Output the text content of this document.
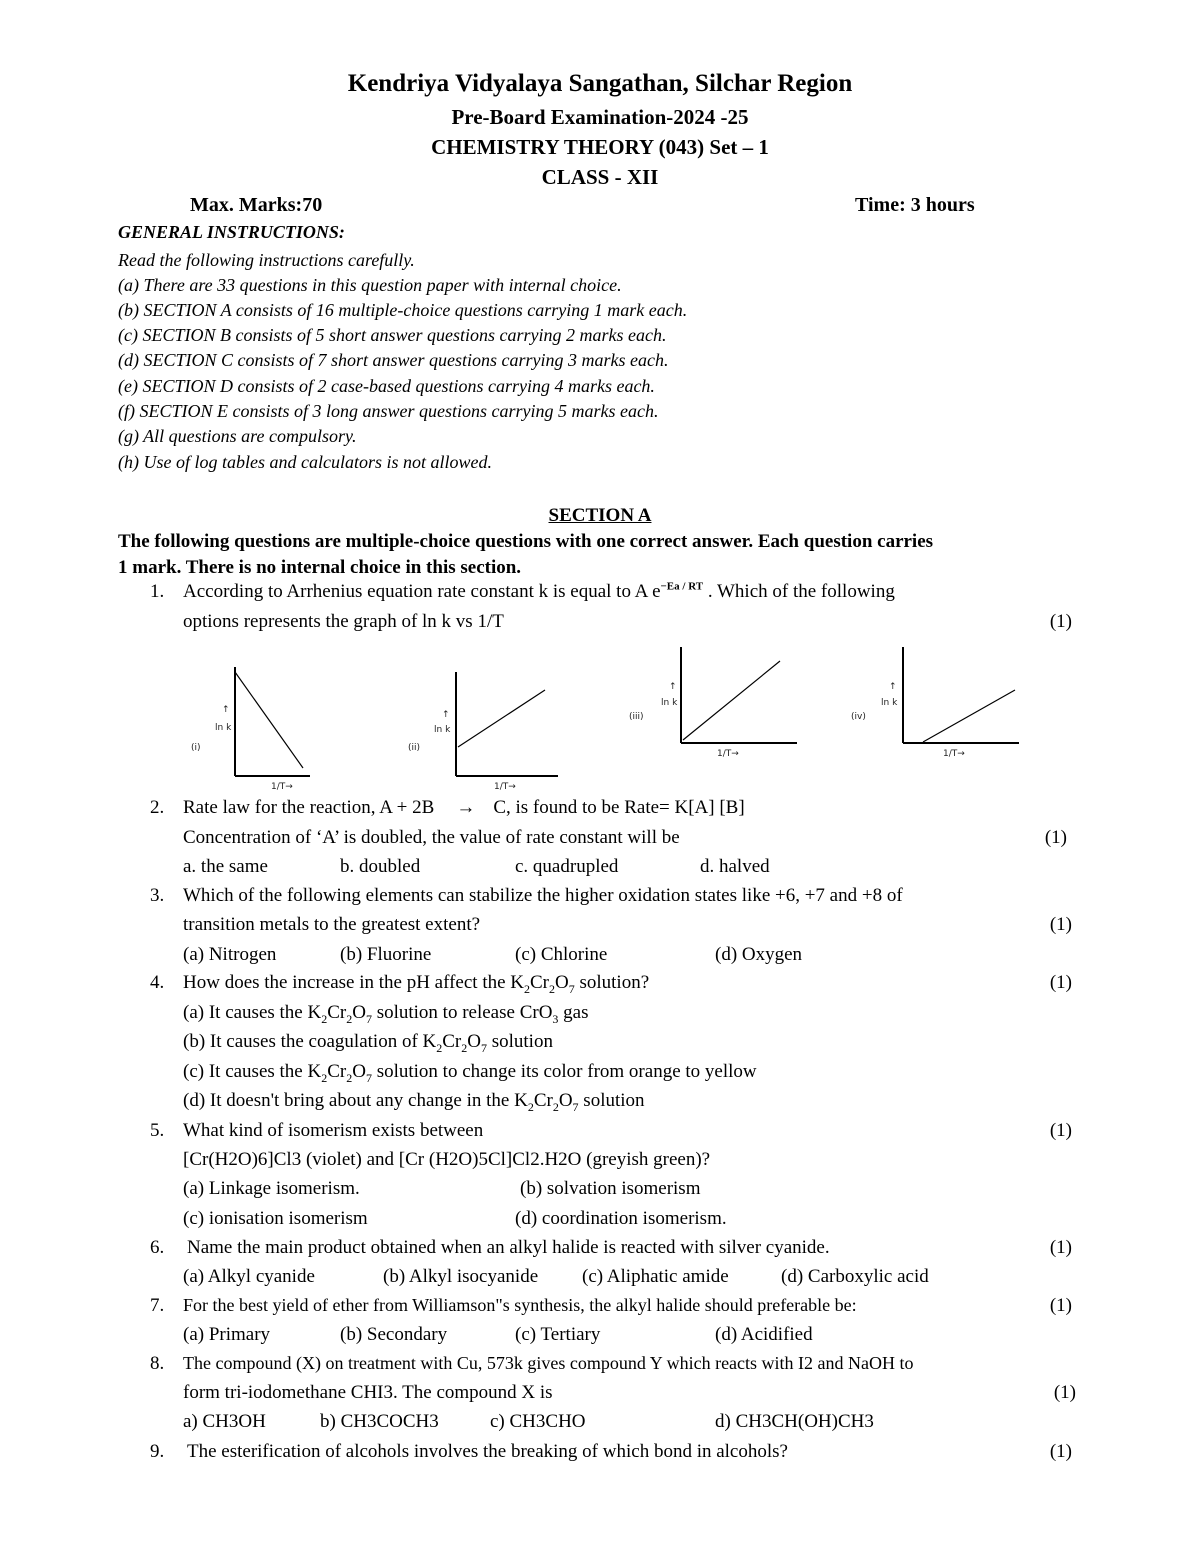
Kendriya Vidyalaya Sangathan, Silchar Region
Pre-Board Examination-2024 -25
CHEMISTRY THEORY (043) Set – 1
CLASS - XII
Max. Marks:70	Time: 3 hours
GENERAL INSTRUCTIONS:
Read the following instructions carefully.
(a) There are 33 questions in this question paper with internal choice.
(b) SECTION A consists of 16 multiple-choice questions carrying 1 mark each.
(c) SECTION B consists of 5 short answer questions carrying 2 marks each.
(d) SECTION C consists of 7 short answer questions carrying 3 marks each.
(e) SECTION D consists of 2 case-based questions carrying 4 marks each.
(f) SECTION E consists of 3 long answer questions carrying 5 marks each.
(g) All questions are compulsory.
(h) Use of log tables and calculators is not allowed.
SECTION A
The following questions are multiple-choice questions with one correct answer. Each question carries
1 mark. There is no internal choice in this section.
1. According to Arrhenius equation rate constant k is equal to A $e^{-Ea / RT}$ . Which of the following
options represents the graph of ln k vs 1/T	(1)
↑
ln k
(i)
1/T→
↑
ln k
(ii)
1/T→
↑
ln k
(iii)
1/T→
↑
ln k
(iv)
1/T→
2. Rate law for the reaction, A + 2B → C, is found to be Rate= K[A] [B]
Concentration of ‘A’ is doubled, the value of rate constant will be	(1)
a. the same	b. doubled	c. quadrupled	d. halved
3. Which of the following elements can stabilize the higher oxidation states like +6, +7 and +8 of
transition metals to the greatest extent?	(1)
(a) Nitrogen	(b) Fluorine	(c) Chlorine	(d) Oxygen
4. How does the increase in the pH affect the $K_2Cr_2O_7$ solution?	(1)
(a) It causes the $K_2Cr_2O_7$ solution to release CrO$_3$ gas
(b) It causes the coagulation of $K_2Cr_2O_7$ solution
(c) It causes the $K_2Cr_2O_7$ solution to change its color from orange to yellow
(d) It doesn't bring about any change in the $K_2Cr_2O_7$ solution
5. What kind of isomerism exists between	(1)
[Cr(H2O)6]Cl3 (violet) and [Cr (H2O)5Cl]Cl2.H2O (greyish green)?
(a) Linkage isomerism.	(b) solvation isomerism
(c) ionisation isomerism	(d) coordination isomerism.
6. Name the main product obtained when an alkyl halide is reacted with silver cyanide.	(1)
(a) Alkyl cyanide	(b) Alkyl isocyanide (c) Aliphatic amide	(d) Carboxylic acid
7. For the best yield of ether from Williamson"s synthesis, the alkyl halide should preferable be:	(1)
(a) Primary	(b) Secondary	(c) Tertiary	(d) Acidified
8. The compound (X) on treatment with Cu, 573k gives compound Y which reacts with I2 and NaOH to
form tri-iodomethane CHI3. The compound X is	(1)
a) CH3OH	b) CH3COCH3	c) CH3CHO	d) CH3CH(OH)CH3
9. The esterification of alcohols involves the breaking of which bond in alcohols?	(1)
